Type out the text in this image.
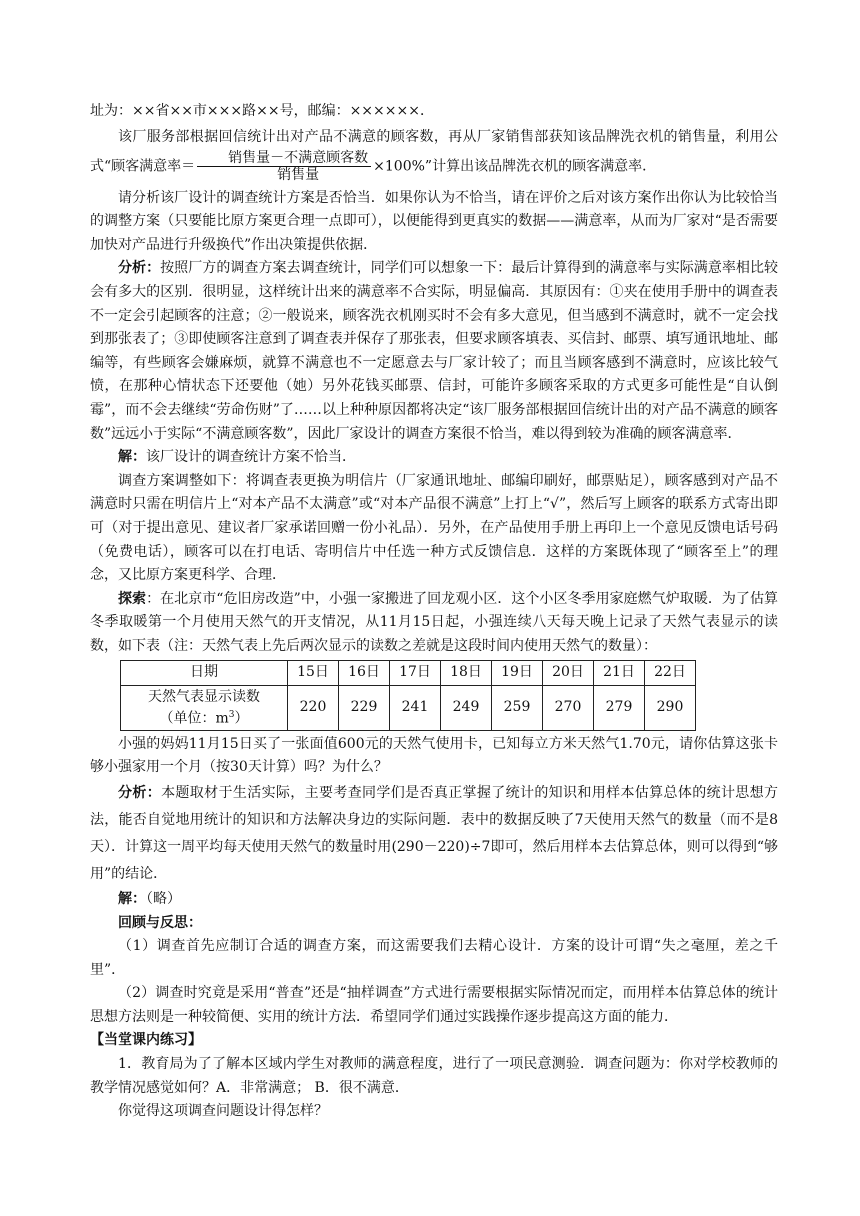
址为：××省××市×××路××号，邮编：××××××．

该厂服务部根据回信统计出对产品不满意的顾客数，再从厂家销售部获知该品牌洗衣机的销售量，利用公式“顾客满意率＝ $\frac{\text{销售量－不满意顾客数}}{\text{销售量}} \times 100\%$”计算出该品牌洗衣机的顾客满意率．

请分析该厂设计的调查统计方案是否恰当．如果你认为不恰当，请在评价之后对该方案作出你认为比较恰当的调整方案（只要能比原方案更合理一点即可），以便能得到更真实的数据——满意率，从而为厂家对“是否需要加快对产品进行升级换代”作出决策提供依据．

分析：按照厂方的调查方案去调查统计，同学们可以想象一下：最后计算得到的满意率与实际满意率相比较会有多大的区别．很明显，这样统计出来的满意率不合实际，明显偏高．其原因有：①夹在使用手册中的调查表不一定会引起顾客的注意；②一般说来，顾客洗衣机刚买时不会有多大意见，但当感到不满意时，就不一定会找到那张表了；③即使顾客注意到了调查表并保存了那张表，但要求顾客填表、买信封、邮票、填写通讯地址、邮编等，有些顾客会嫌麻烦，就算不满意也不一定愿意去与厂家计较了；而且当顾客感到不满意时，应该比较气愤，在那种心情状态下还要他（她）另外花钱买邮票、信封，可能许多顾客采取的方式更多可能性是“自认倒霉”，而不会去继续“劳命伤财”了……以上种种原因都将决定“该厂服务部根据回信统计出的对产品不满意的顾客数”远远小于实际“不满意顾客数”，因此厂家设计的调查方案很不恰当，难以得到较为准确的顾客满意率．

解：该厂设计的调查统计方案不恰当．

调查方案调整如下：将调查表更换为明信片（厂家通讯地址、邮编印刷好，邮票贴足），顾客感到对产品不满意时只需在明信片上“对本产品不太满意”或“对本产品很不满意”上打上“√”，然后写上顾客的联系方式寄出即可（对于提出意见、建议者厂家承诺回赠一份小礼品）．另外，在产品使用手册上再印上一个意见反馈电话号码（免费电话），顾客可以在打电话、寄明信片中任选一种方式反馈信息．这样的方案既体现了“顾客至上”的理念，又比原方案更科学、合理．

探索：在北京市“危旧房改造”中，小强一家搬进了回龙观小区．这个小区冬季用家庭燃气炉取暖．为了估算冬季取暖第一个月使用天然气的开支情况，从11月15日起，小强连续八天每天晚上记录了天然气表显示的读数，如下表（注：天然气表上先后两次显示的读数之差就是这段时间内使用天然气的数量）：

日期	15日	16日	17日	18日	19日	20日	21日	22日
天然气表显示读数
（单位：$m^3$）	220	229	241	249	259	270	279	290

小强的妈妈11月15日买了一张面值600元的天然气使用卡，已知每立方米天然气1.70元，请你估算这张卡够小强家用一个月（按30天计算）吗？为什么？

分析：本题取材于生活实际，主要考查同学们是否真正掌握了统计的知识和用样本估算总体的统计思想方法，能否自觉地用统计的知识和方法解决身边的实际问题．表中的数据反映了7天使用天然气的数量（而不是8天）．计算这一周平均每天使用天然气的数量时用(290－220)÷7即可，然后用样本去估算总体，则可以得到“够用”的结论．

解：（略）

回顾与反思：

（1）调查首先应制订合适的调查方案，而这需要我们去精心设计．方案的设计可谓“失之毫厘，差之千里”．

（2）调查时究竟是采用“普查”还是“抽样调查”方式进行需要根据实际情况而定，而用样本估算总体的统计思想方法则是一种较简便、实用的统计方法．希望同学们通过实践操作逐步提高这方面的能力．

【当堂课内练习】

1．教育局为了了解本区域内学生对教师的满意程度，进行了一项民意测验．调查问题为：你对学校教师的教学情况感觉如何？A．非常满意； B．很不满意．

你觉得这项调查问题设计得怎样？
